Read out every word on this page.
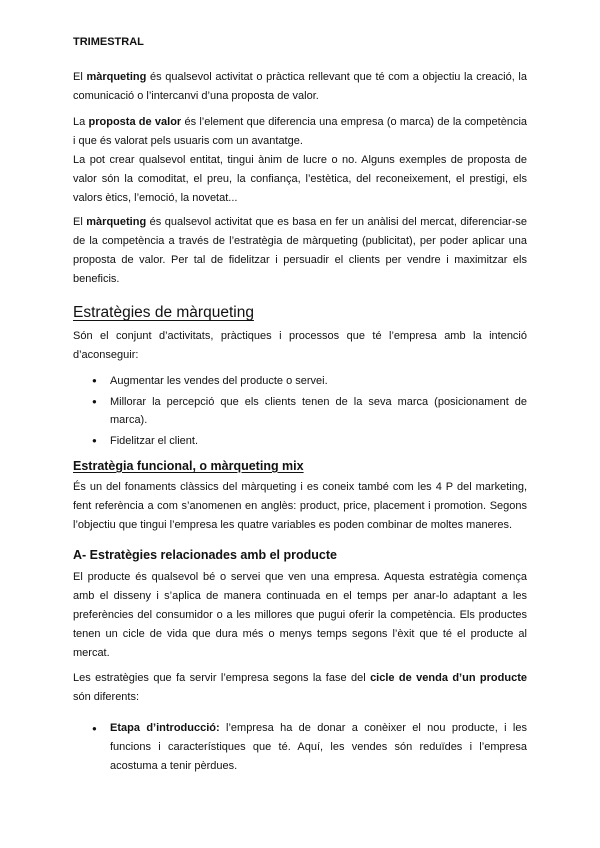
TRIMESTRAL

El màrqueting és qualsevol activitat o pràctica rellevant que té com a objectiu la creació, la comunicació o l’intercanvi d’una proposta de valor.

La proposta de valor és l’element que diferencia una empresa (o marca) de la competència i que és valorat pels usuaris com un avantatge.

La pot crear qualsevol entitat, tingui ànim de lucre o no. Alguns exemples de proposta de valor són la comoditat, el preu, la confiança, l’estètica, del reconeixement, el prestigi, els valors ètics, l’emoció, la novetat...

El màrqueting és qualsevol activitat que es basa en fer un anàlisi del mercat, diferenciar-se de la competència a través de l’estratègia de màrqueting (publicitat), per poder aplicar una proposta de valor. Per tal de fidelitzar i persuadir el clients per vendre i maximitzar els beneficis.

Estratègies de màrqueting

Són el conjunt d’activitats, pràctiques i processos que té l’empresa amb la intenció d’aconseguir:

● Augmentar les vendes del producte o servei.
● Millorar la percepció que els clients tenen de la seva marca (posicionament de marca).
● Fidelitzar el client.
Estratègia funcional, o màrqueting mix

És un del fonaments clàssics del màrqueting i es coneix també com les 4 P del marketing, fent referència a com s’anomenen en anglès: product, price, placement i promotion. Segons l’objectiu que tingui l’empresa les quatre variables es poden combinar de moltes maneres.

A- Estratègies relacionades amb el producte

El producte és qualsevol bé o servei que ven una empresa. Aquesta estratègia comença amb el disseny i s’aplica de manera continuada en el temps per anar-lo adaptant a les preferències del consumidor o a les millores que pugui oferir la competència. Els productes tenen un cicle de vida que dura més o menys temps segons l’èxit que té el producte al mercat.

Les estratègies que fa servir l’empresa segons la fase del cicle de venda d’un producte són diferents:

● Etapa d’introducció: l’empresa ha de donar a conèixer el nou producte, i les funcions i característiques que té. Aquí, les vendes són reduïdes i l’empresa acostuma a tenir pèrdues.
